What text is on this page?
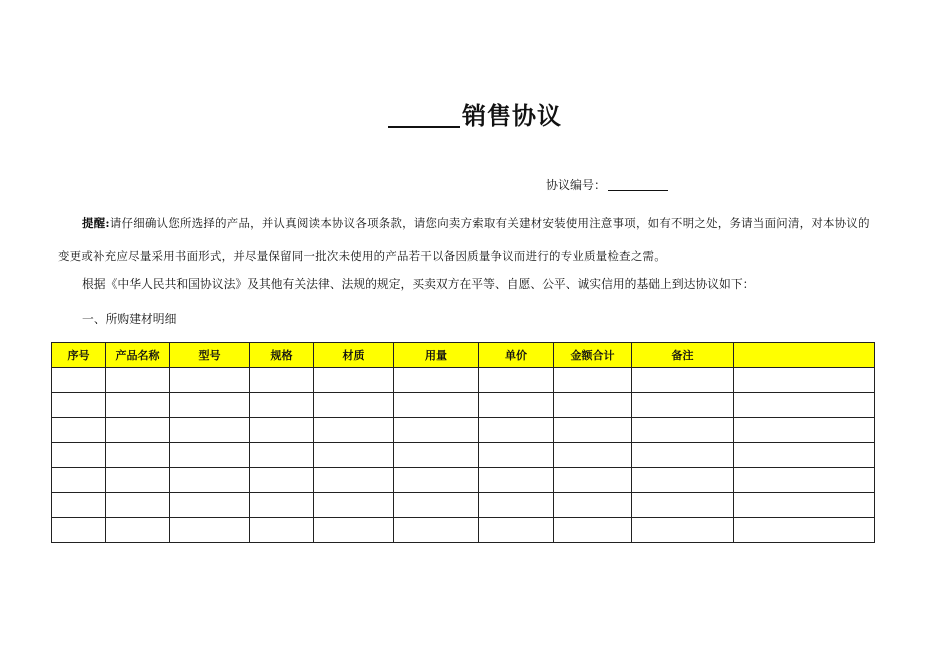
销售协议
协议编号：
提醒:请仔细确认您所选择的产品，并认真阅读本协议各项条款，请您向卖方索取有关建材安装使用注意事项，如有不明之处，务请当面问清，对本协议的变更或补充应尽量采用书面形式，并尽量保留同一批次未使用的产品若干以备因质量争议而进行的专业质量检查之需。
根据《中华人民共和国协议法》及其他有关法律、法规的规定，买卖双方在平等、自愿、公平、诚实信用的基础上到达协议如下：
一、所购建材明细
序号	产品名称	型号	规格	材质	用量	单价	金额合计	备注	
